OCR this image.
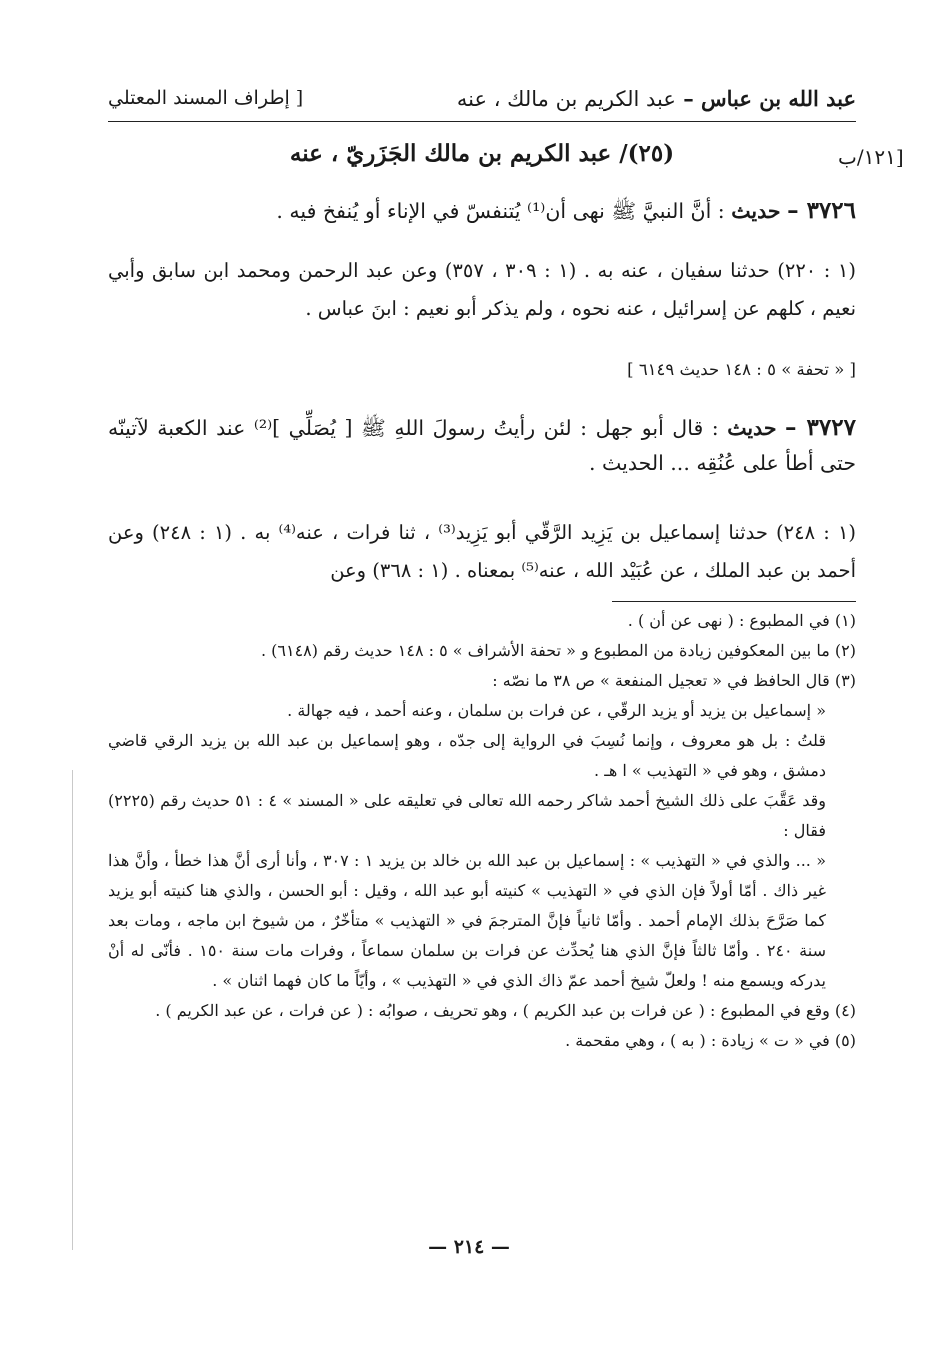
عبد الله بن عباس – عبد الكريم بن مالك ، عنه
[ إطراف المسند المعتلي
١٢١/ب]
(٢٥)/ عبد الكريم بن مالك الجَزَريّ ، عنه
٣٧٢٦ – حديث : أنَّ النبيَّ ﷺ نهى أن⁽¹⁾ يُتنفسّ في الإناء أو يُنفخ فيه .
(١ : ٢٢٠) حدثنا سفيان ، عنه به . (١ : ٣٠٩ ، ٣٥٧) وعن عبد الرحمن ومحمد ابن سابق وأبي نعيم ، كلهم عن إسرائيل ، عنه نحوه ، ولم يذكر أبو نعيم : ابنَ عباس .
[ « تحفة » ٥ : ١٤٨ حديث ٦١٤٩ ]
٣٧٢٧ – حديث : قال أبو جهل : لئن رأيتُ رسولَ اللهِ ﷺ [ يُصَلِّي ]⁽²⁾ عند الكعبة لآتينّه حتى أطأ على عُنُقِه ... الحديث .
(١ : ٢٤٨) حدثنا إسماعيل بن يَزِيد الرَّقّي أبو يَزِيد⁽³⁾ ، ثنا فرات ، عنه⁽⁴⁾ به . (١ : ٢٤٨) وعن أحمد بن عبد الملك ، عن عُبَيْد الله ، عنه⁽⁵⁾ بمعناه . (١ : ٣٦٨) وعن
(١) في المطبوع : ( نهى عن أن ) .
(٢) ما بين المعكوفين زيادة من المطبوع و « تحفة الأشراف » ٥ : ١٤٨ حديث رقم (٦١٤٨) .
(٣) قال الحافظ في « تعجيل المنفعة » ص ٣٨ ما نصّه :
« إسماعيل بن يزيد أو يزيد الرقّي ، عن فرات بن سلمان ، وعنه أحمد ، فيه جهالة .
قلتُ : بل هو معروف ، وإنما نُسِبَ في الرواية إلى جدّه ، وهو إسماعيل بن عبد الله بن يزيد الرقي قاضي دمشق ، وهو في « التهذيب » ا هـ .
وقد عَقَّبَ على ذلك الشيخ أحمد شاكر رحمه الله تعالى في تعليقه على « المسند » ٤ : ٥١ حديث رقم (٢٢٢٥) فقال :
« ... والذي في « التهذيب » : إسماعيل بن عبد الله بن خالد بن يزيد ١ : ٣٠٧ ، وأنا أرى أنَّ هذا خطأ ، وأنَّ هذا غير ذاك . أمّا أولاً فإن الذي في « التهذيب » كنيته أبو عبد الله ، وقيل : أبو الحسن ، والذي هنا كنيته أبو يزيد كما صَرَّحَ بذلك الإمام أحمد . وأمّا ثانياً فإنَّ المترجمَ في « التهذيب » متأخّرٌ ، من شيوخ ابن ماجه ، ومات بعد سنة ٢٤٠ . وأمّا ثالثاً فإنَّ الذي هنا يُحدِّث عن فرات بن سلمان سماعاً ، وفرات مات سنة ١٥٠ . فأنّى له أنْ يدركه ويسمع منه ! ولعلّ شيخ أحمد عمّ ذاك الذي في « التهذيب » ، وأيّاً ما كان فهما اثنان » .
(٤) وقع في المطبوع : ( عن فرات بن عبد الكريم ) ، وهو تحريف ، صوابُه : ( عن فرات ، عن عبد الكريم ) .
(٥) في « ت » زيادة : ( به ) ، وهي مقحمة .
— ٢١٤ —
